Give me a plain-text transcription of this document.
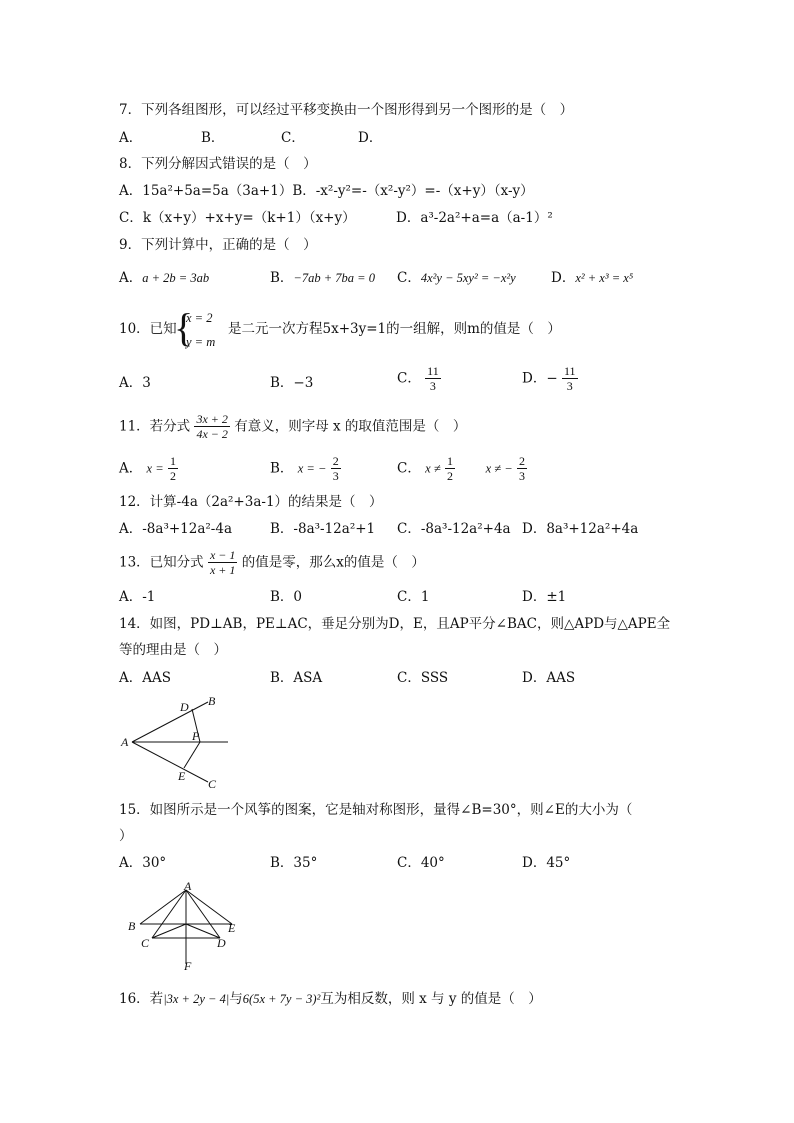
7．下列各组图形，可以经过平移变换由一个图形得到另一个图形的是（　）
A．	B．	C．	D．
8．下列分解因式错误的是（　）
A．15a²+5a=5a（3a+1）B．-x²-y²=-（x²-y²）=-（x+y）（x-y）
C．k（x+y）+x+y=（k+1）（x+y）	D．a³-2a²+a=a（a-1）²
9．下列计算中，正确的是（　）
A．a + 2b = 3ab	B．−7ab + 7ba = 0 C．4x²y − 5xy² = −x²y	D．x² + x³ = x⁵
10．已知
{
x = 2
y = m
是二元一次方程5x+3y=1的一组解，则m的值是（　）
A．3	B．−3	C． $\frac{11}{3}$	D．− $\frac{11}{3}$
11．若分式 $\frac{3x + 2}{4x - 2}$ 有意义，则字母 x 的取值范围是（　）
A． $x = \frac{1}{2}$	B． x = − $\frac{2}{3}$	C． $x \ne \frac{1}{2}$ x ≠ − $\frac{2}{3}$
12．计算-4a（2a²+3a-1）的结果是（　）
A．-8a³+12a²-4a	B．-8a³-12a²+1 C．-8a³-12a²+4a D．8a³+12a²+4a
13．已知分式 $\frac{x - 1}{x + 1}$ 的值是零，那么x的值是（　）
A．-1	B．0	C．1	D．±1
14．如图，PD⊥AB，PE⊥AC，垂足分别为D，E，且AP平分∠BAC，则△APD与△APE全
等的理由是（　）
A．AAS	B．ASA	C．SSS	D．AAS
A
B
D
P
E
C
15．如图所示是一个风筝的图案，它是轴对称图形，量得∠B=30°，则∠E的大小为（
）
A．30°	B．35°	C．40°	D．45°
A
B	E
C	D
F
16．若|3x + 2y − 4|与6(5x + 7y − 3)²互为相反数，则 x 与 y 的值是（　）
